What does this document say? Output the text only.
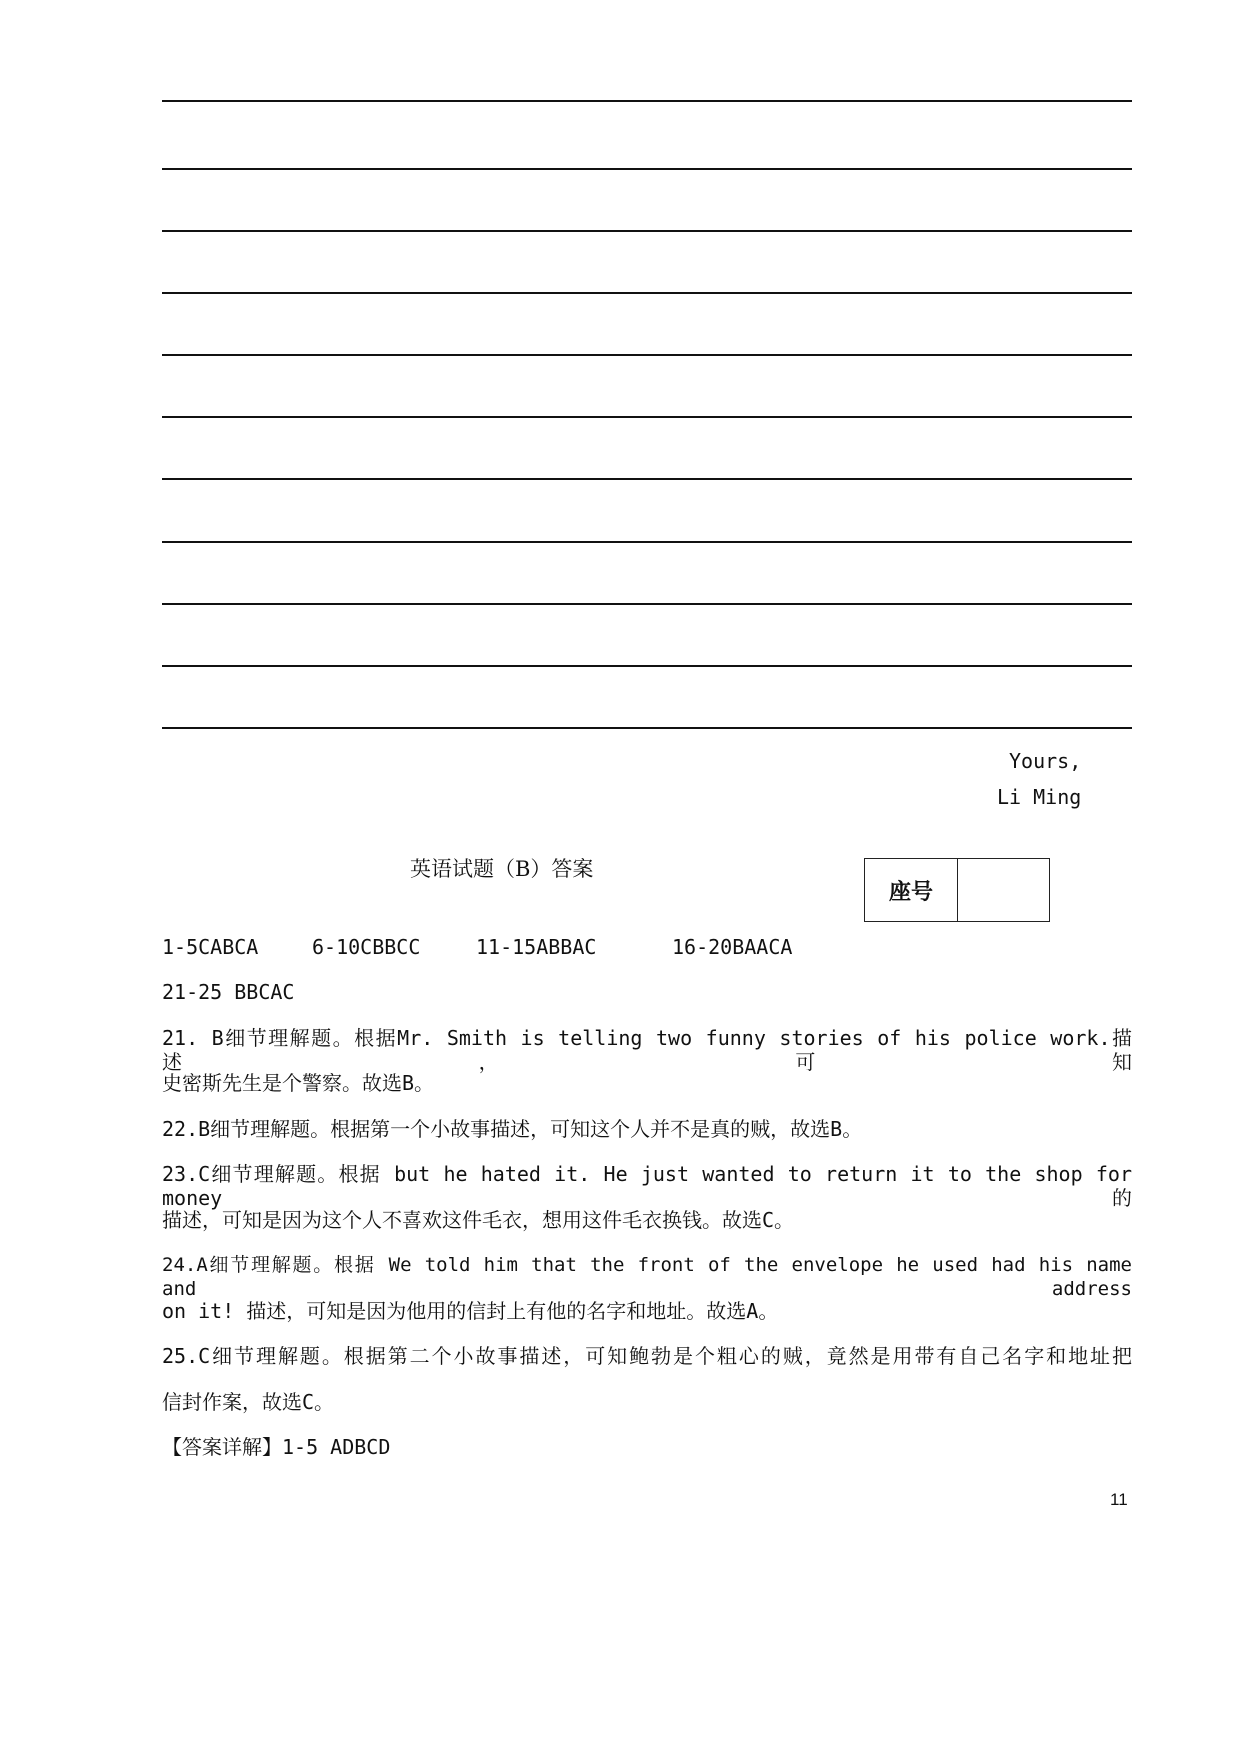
Yours,
Li Ming
英语试题（B）答案
座号
1-5CABCA	6-10CBBCC	11-15ABBAC	16-20BAACA
21-25 BBCAC
21. B细节理解题。根据Mr. Smith is telling two funny stories of his police work.描述，可知
史密斯先生是个警察。故选B。
22.B细节理解题。根据第一个小故事描述，可知这个人并不是真的贼，故选B。
23.C细节理解题。根据 but he hated it. He just wanted to return it to the shop for money 的
描述，可知是因为这个人不喜欢这件毛衣，想用这件毛衣换钱。故选C。
24.A细节理解题。根据 We told him that the front of the envelope he used had his name and address
on it! 描述，可知是因为他用的信封上有他的名字和地址。故选A。
25.C细节理解题。根据第二个小故事描述，可知鲍勃是个粗心的贼，竟然是用带有自己名字和地址把
信封作案，故选C。
【答案详解】1-5 ADBCD
11
